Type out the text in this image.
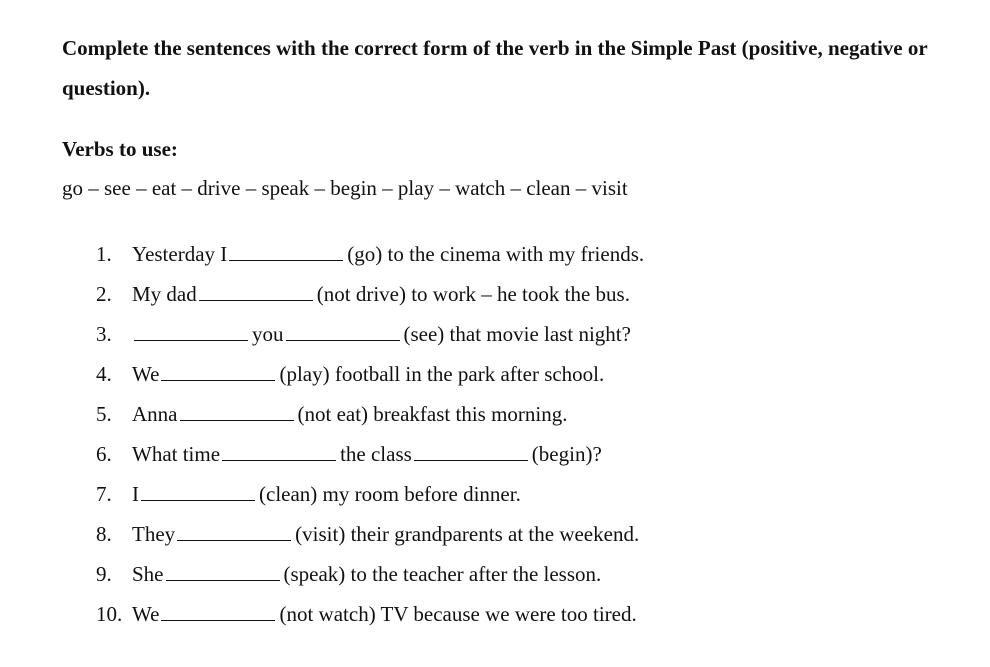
Complete the sentences with the correct form of the verb in the Simple Past (positive, negative or question).

Verbs to use:

go – see – eat – drive – speak – begin – play – watch – clean – visit

1. Yesterday I	(go) to the cinema with my friends.
2. My dad	(not drive) to work – he took the bus.
3.	you	(see) that movie last night?
4. We	(play) football in the park after school.
5. Anna	(not eat) breakfast this morning.
6. What time	the class	(begin)?
7. I	(clean) my room before dinner.
8. They	(visit) their grandparents at the weekend.
9. She	(speak) to the teacher after the lesson.
10. We	(not watch) TV because we were too tired.
